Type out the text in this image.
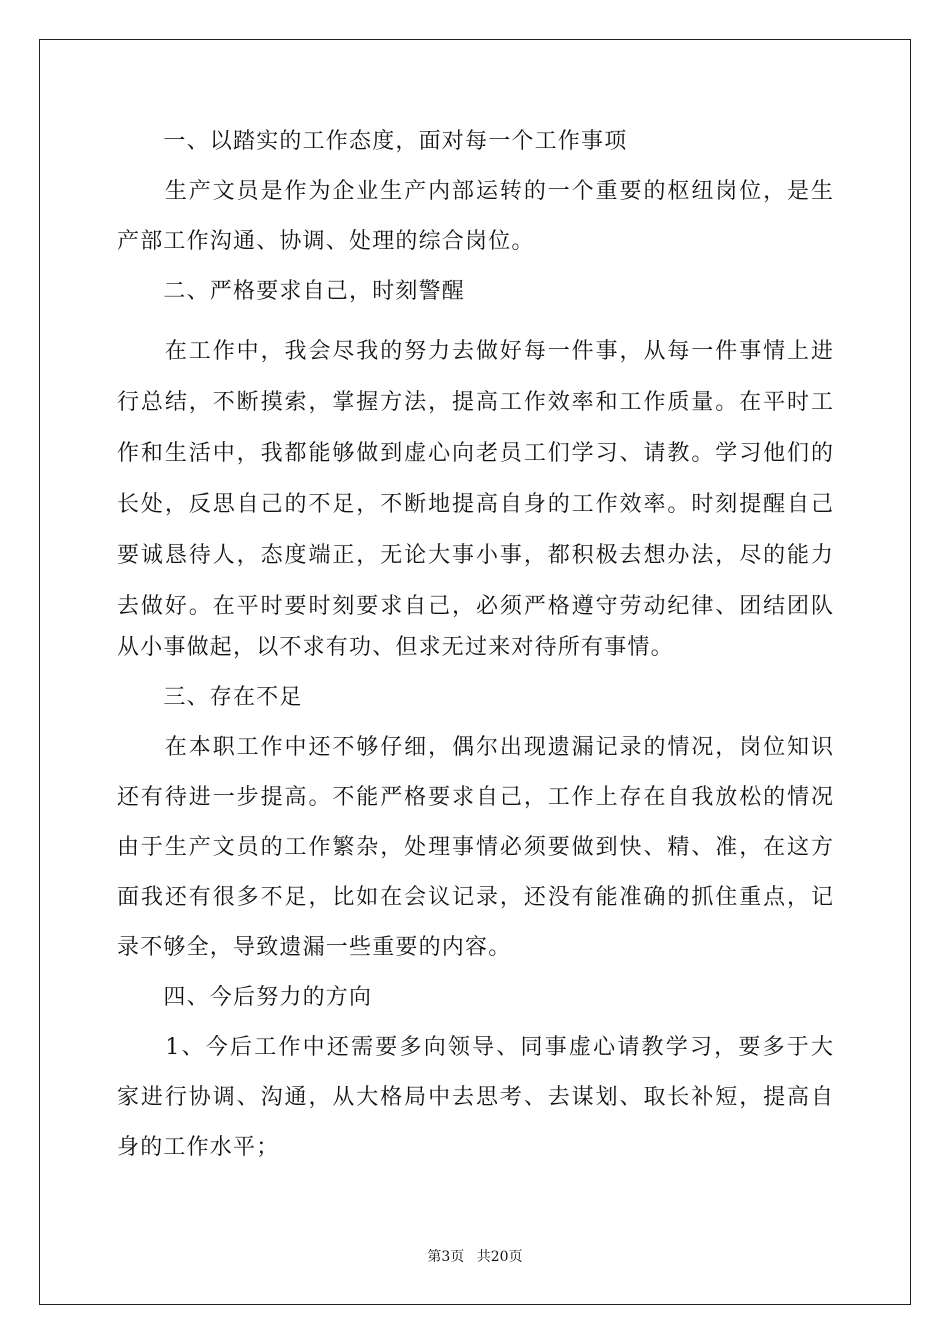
　　一、以踏实的工作态度，面对每一个工作事项
　　生产文员是作为企业生产内部运转的一个重要的枢纽岗位，是生
产部工作沟通、协调、处理的综合岗位。
　　二、严格要求自己，时刻警醒
　　在工作中，我会尽我的努力去做好每一件事，从每一件事情上进
行总结，不断摸索，掌握方法，提高工作效率和工作质量。在平时工
作和生活中，我都能够做到虚心向老员工们学习、请教。学习他们的
长处，反思自己的不足，不断地提高自身的工作效率。时刻提醒自己
要诚恳待人，态度端正，无论大事小事，都积极去想办法，尽的能力
去做好。在平时要时刻要求自己，必须严格遵守劳动纪律、团结团队
从小事做起，以不求有功、但求无过来对待所有事情。
　　三、存在不足
　　在本职工作中还不够仔细，偶尔出现遗漏记录的情况，岗位知识
还有待进一步提高。不能严格要求自己，工作上存在自我放松的情况
由于生产文员的工作繁杂，处理事情必须要做到快、精、准，在这方
面我还有很多不足，比如在会议记录，还没有能准确的抓住重点，记
录不够全，导致遗漏一些重要的内容。
　　四、今后努力的方向
　　1、今后工作中还需要多向领导、同事虚心请教学习，要多于大
家进行协调、沟通，从大格局中去思考、去谋划、取长补短，提高自
身的工作水平；
第3页 共20页
